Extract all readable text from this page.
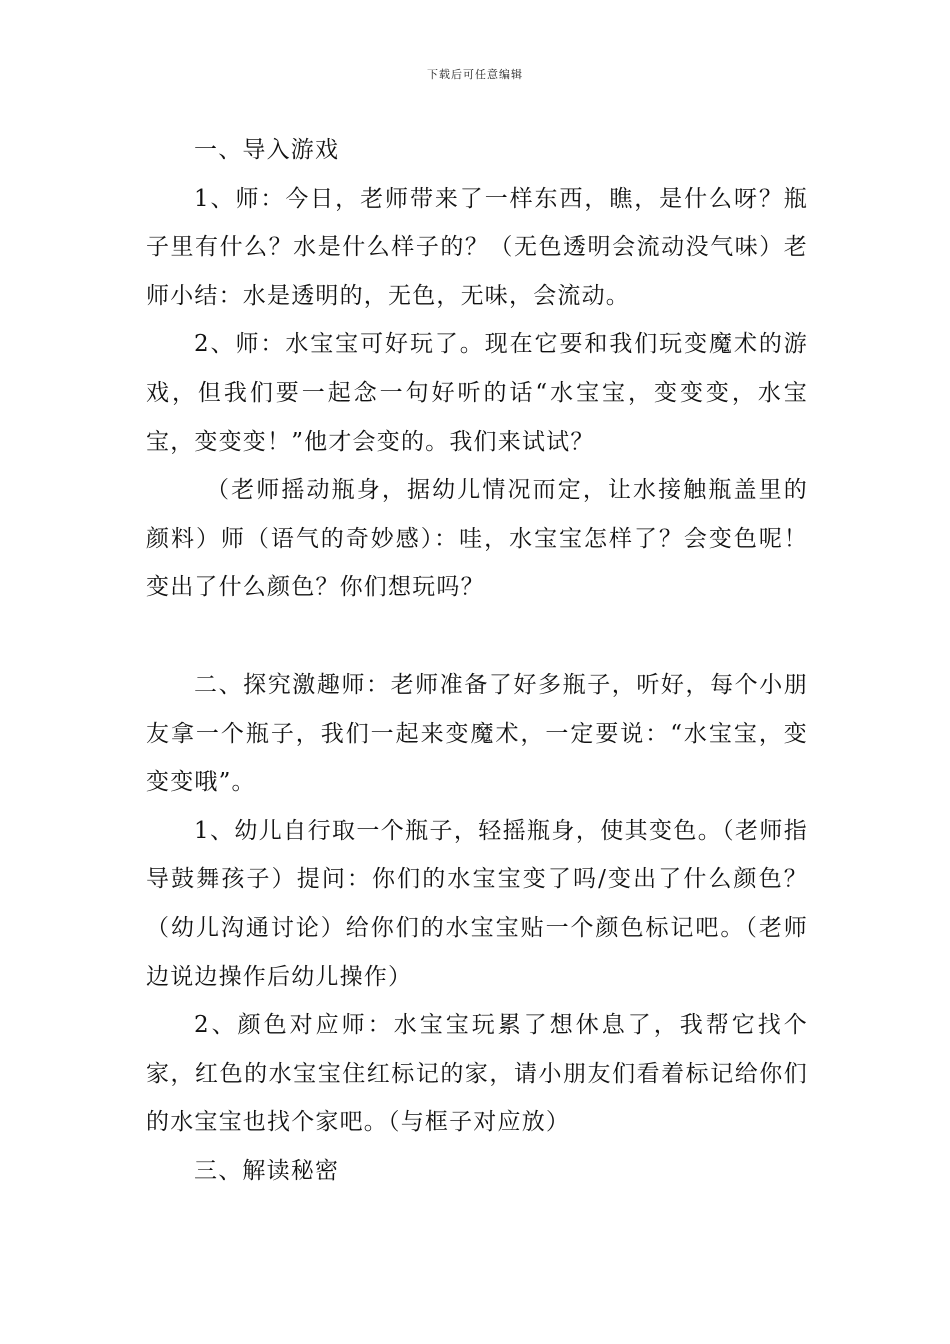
下载后可任意编辑

一、导入游戏

1、师：今日，老师带来了一样东西，瞧，是什么呀？瓶子里有什么？水是什么样子的？（无色透明会流动没气味）老师小结：水是透明的，无色，无味，会流动。

2、师：水宝宝可好玩了。现在它要和我们玩变魔术的游戏，但我们要一起念一句好听的话“水宝宝，变变变，水宝宝，变变变！”他才会变的。我们来试试？

（老师摇动瓶身，据幼儿情况而定，让水接触瓶盖里的颜料）师（语气的奇妙感）：哇，水宝宝怎样了？会变色呢！变出了什么颜色？你们想玩吗？

二、探究激趣师：老师准备了好多瓶子，听好，每个小朋友拿一个瓶子，我们一起来变魔术，一定要说：“水宝宝，变变变哦”。

1、幼儿自行取一个瓶子，轻摇瓶身，使其变色。（老师指导鼓舞孩子）提问：你们的水宝宝变了吗/变出了什么颜色？（幼儿沟通讨论）给你们的水宝宝贴一个颜色标记吧。（老师边说边操作后幼儿操作）

2、颜色对应师：水宝宝玩累了想休息了，我帮它找个家，红色的水宝宝住红标记的家，请小朋友们看着标记给你们的水宝宝也找个家吧。（与框子对应放）

三、解读秘密
